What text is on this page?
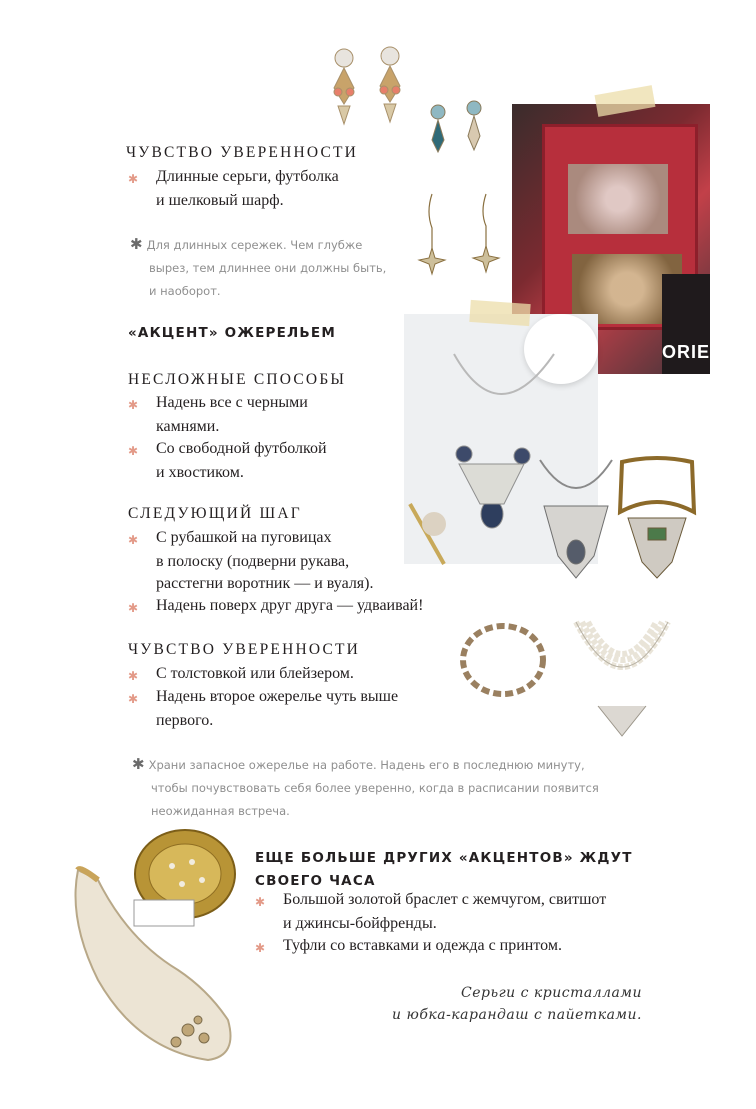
ORIES
ЧУВСТВО УВЕРЕННОСТИ
✱ Длинные серьги, футболка
и шелковый шарф.
✱ Для длинных сережек. Чем глубже
вырез, тем длиннее они должны быть,
и наоборот.
«АКЦЕНТ» ОЖЕРЕЛЬЕМ
НЕСЛОЖНЫЕ СПОСОБЫ
✱ Надень все с черными
камнями.
✱ Со свободной футболкой
и хвостиком.
СЛЕДУЮЩИЙ ШАГ
✱ С рубашкой на пуговицах
в полоску (подверни рукава,
расстегни воротник — и вуаля).
✱ Надень поверх друг друга — удваивай!
ЧУВСТВО УВЕРЕННОСТИ
✱ С толстовкой или блейзером.
✱ Надень второе ожерелье чуть выше
первого.
✱ Храни запасное ожерелье на работе. Надень его в последнюю минуту,
чтобы почувствовать себя более уверенно, когда в расписании появится
неожиданная встреча.
ЕЩЕ БОЛЬШЕ ДРУГИХ «АКЦЕНТОВ» ЖДУТ
СВОЕГО ЧАСА
✱ Большой золотой браслет с жемчугом, свитшот
и джинсы-бойфренды.
✱ Туфли со вставками и одежда с принтом.
Серьги с кристаллами
и юбка-карандаш с пайетками.
